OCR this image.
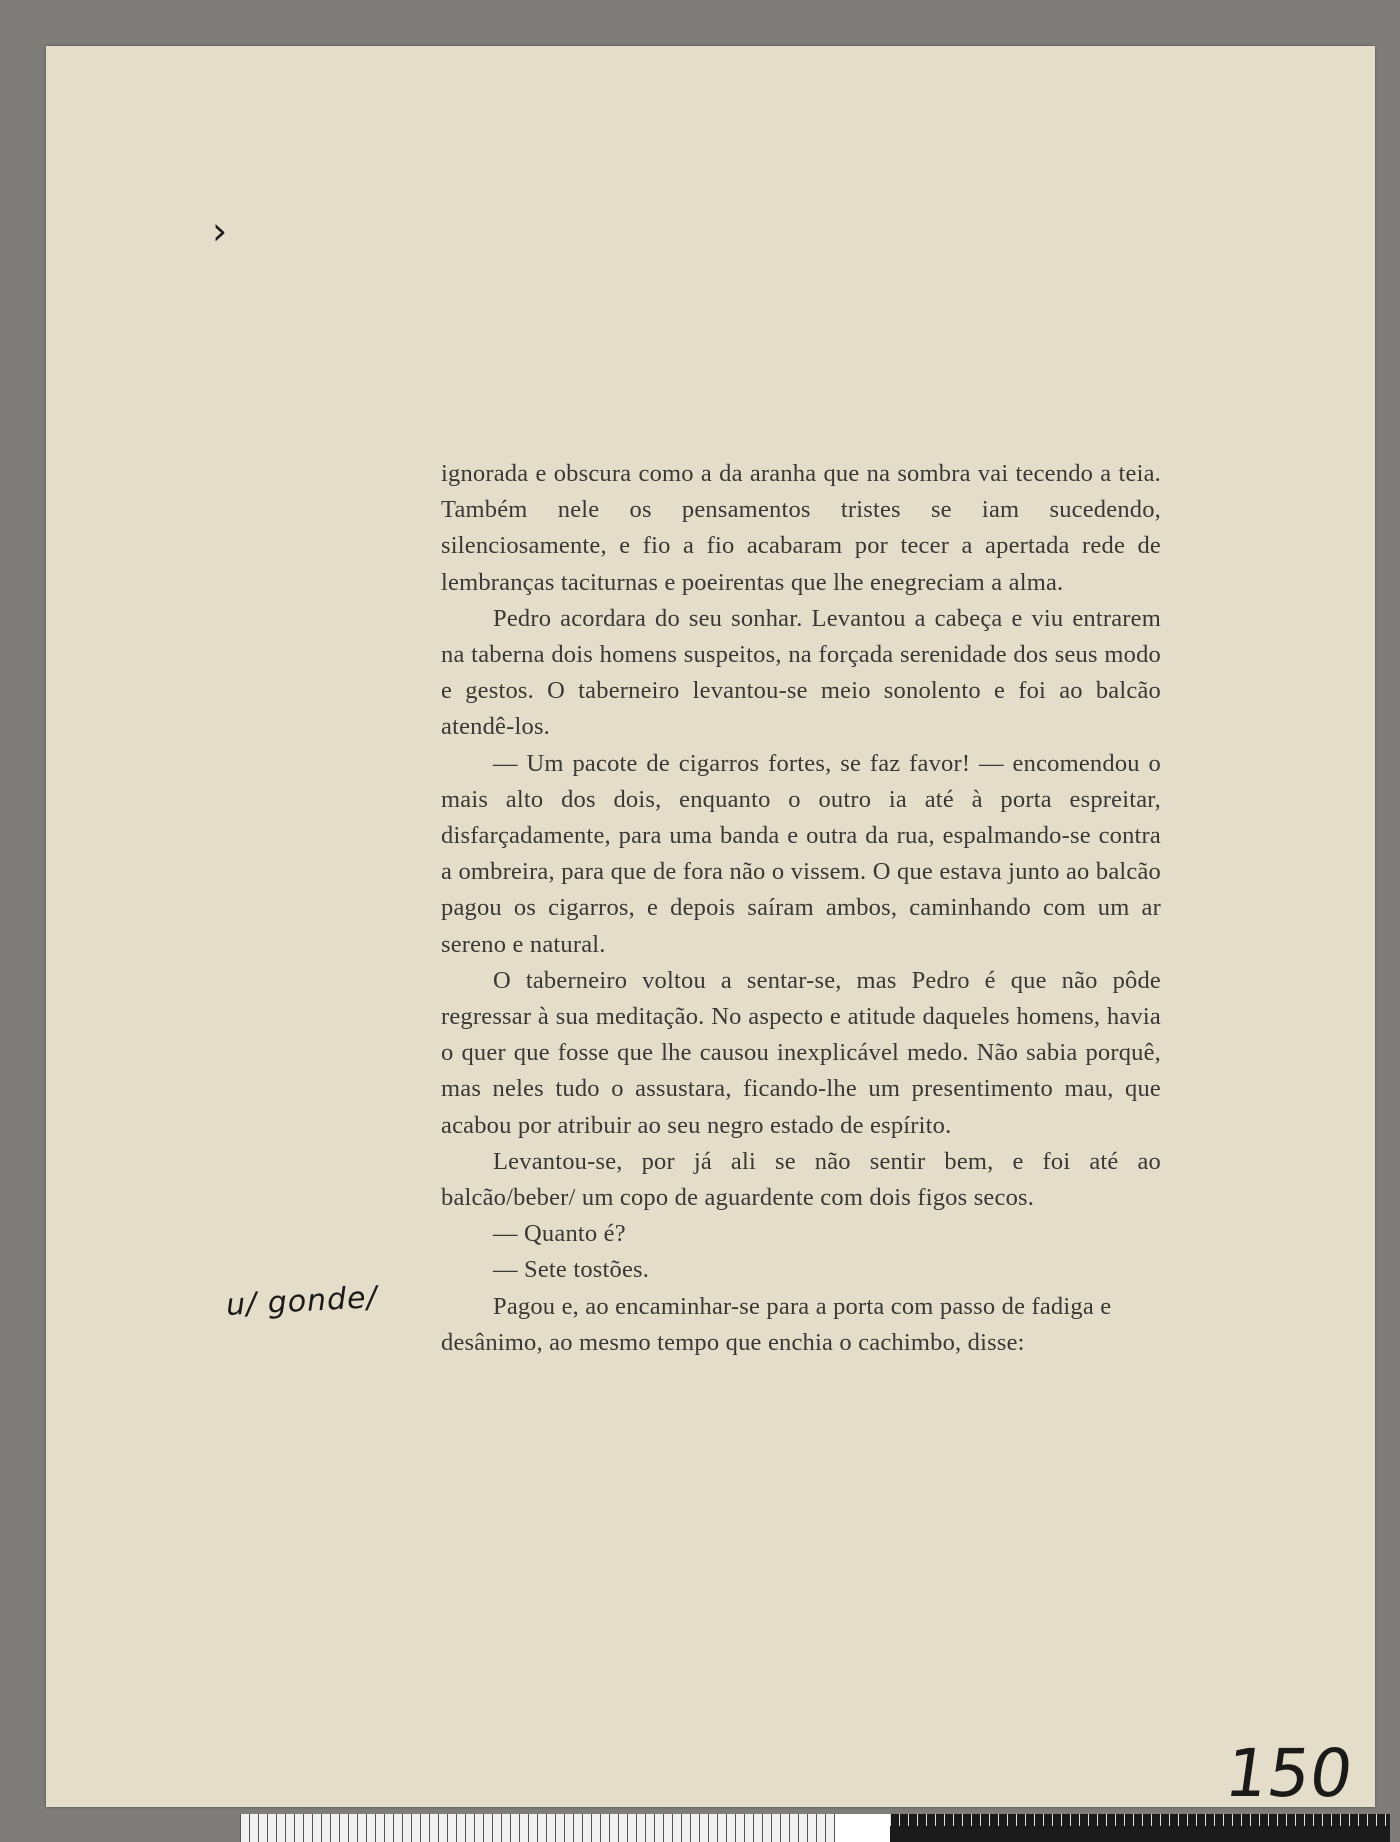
›

ignorada e obscura como a da aranha que na sombra vai tecendo a teia. Também nele os pensamentos tristes se iam sucedendo, silenciosamente, e fio a fio acabaram por tecer a apertada rede de lembranças taciturnas e poeirentas que lhe enegreciam a alma.

Pedro acordara do seu sonhar. Levantou a cabeça e viu entrarem na taberna dois homens suspeitos, na forçada serenidade dos seus modo e gestos. O taberneiro levantou-se meio sonolento e foi ao balcão atendê-los.

— Um pacote de cigarros fortes, se faz favor! — encomendou o mais alto dos dois, enquanto o outro ia até à porta espreitar, disfarçadamente, para uma banda e outra da rua, espalmando-se contra a ombreira, para que de fora não o vissem. O que estava junto ao balcão pagou os cigarros, e depois saíram ambos, caminhando com um ar sereno e natural.

O taberneiro voltou a sentar-se, mas Pedro é que não pôde regressar à sua meditação. No aspecto e atitude daqueles homens, havia o quer que fosse que lhe causou inexplicável medo. Não sabia porquê, mas neles tudo o assustara, ficando-lhe um presentimento mau, que acabou por atribuir ao seu negro estado de espírito.

Levantou-se, por já ali se não sentir bem, e foi até ao balcão/beber/ um copo de aguardente com dois figos secos.

— Quanto é?

— Sete tostões.

Pagou e, ao encaminhar-se para a porta com passo de fadiga e desânimo, ao mesmo tempo que enchia o cachimbo, disse:

u/ gonde/
150
